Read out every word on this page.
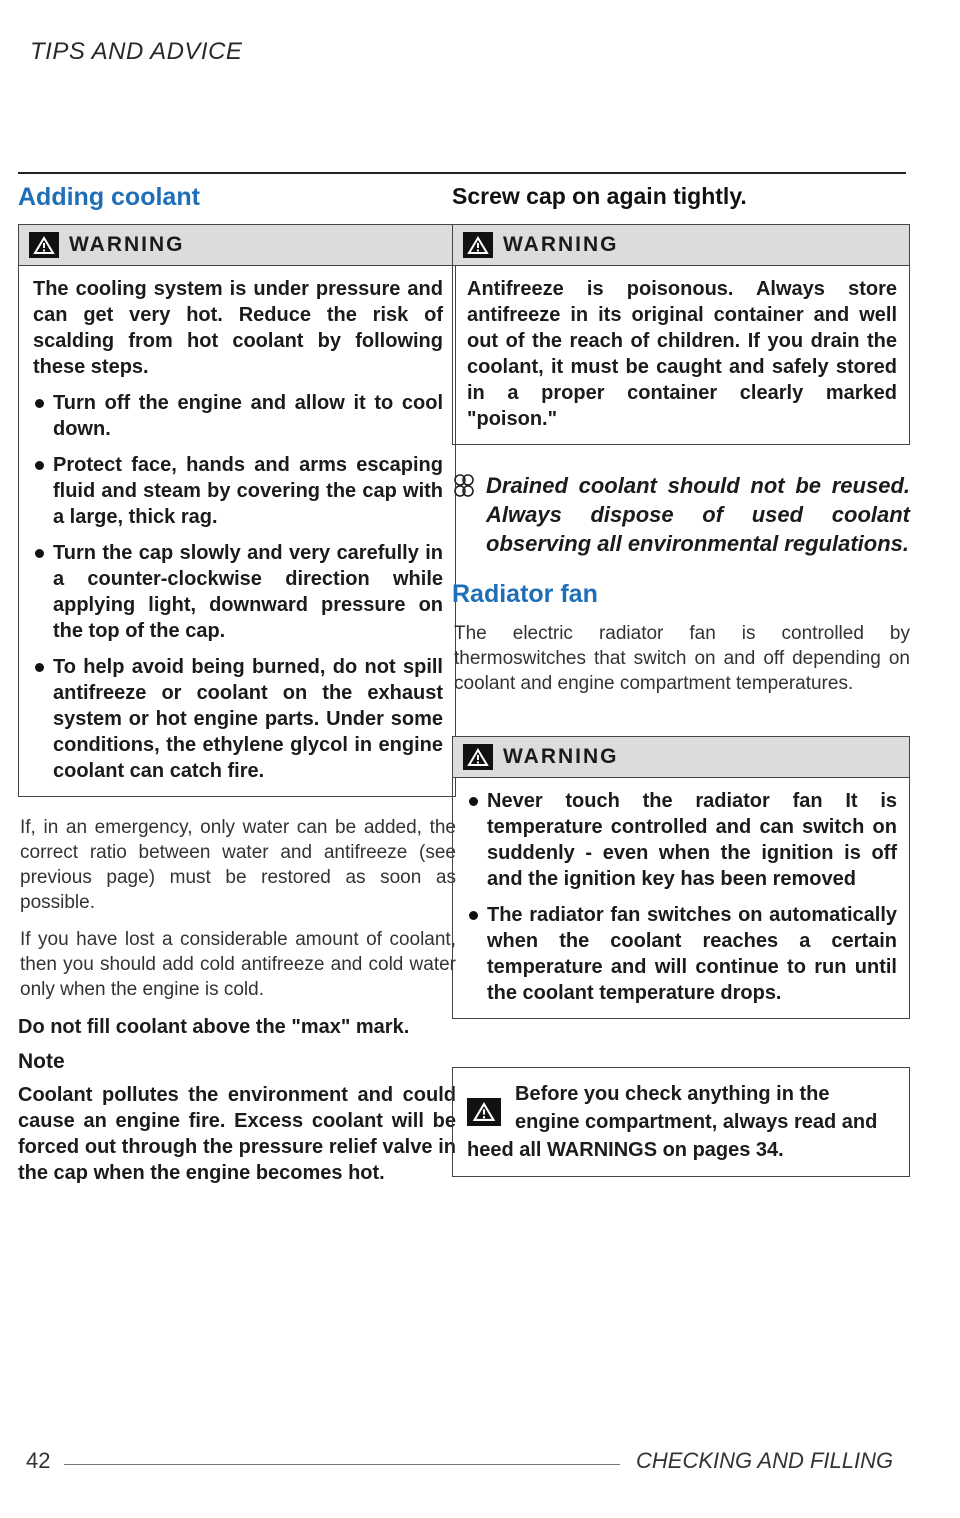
TIPS AND ADVICE
Adding coolant
WARNING

The cooling system is under pressure and can get very hot. Reduce the risk of scalding from hot coolant by following these steps.

Turn off the engine and allow it to cool down.
Protect face, hands and arms escaping fluid and steam by covering the cap with a large, thick rag.
Turn the cap slowly and very carefully in a counter-clockwise direction while applying light, downward pressure on the top of the cap.
To help avoid being burned, do not spill antifreeze or coolant on the exhaust system or hot engine parts. Under some conditions, the ethylene glycol in engine coolant can catch fire.

If, in an emergency, only water can be added, the correct ratio between water and antifreeze (see previous page) must be restored as soon as possible.

If you have lost a considerable amount of coolant, then you should add cold antifreeze and cold water only when the engine is cold.

Do not fill coolant above the "max" mark.

Note

Coolant pollutes the environment and could cause an engine fire. Excess coolant will be forced out through the pressure relief valve in the cap when the engine becomes hot.

Screw cap on again tightly.
WARNING

Antifreeze is poisonous. Always store antifreeze in its original container and well out of the reach of children. If you drain the coolant, it must be caught and safely stored in a proper container clearly marked "poison."

Drained coolant should not be reused. Always dispose of used coolant observing all environmental regulations.
Radiator fan

The electric radiator fan is controlled by thermoswitches that switch on and off depending on coolant and engine compartment temperatures.

WARNING
Never touch the radiator fan It is temperature controlled and can switch on suddenly - even when the ignition is off and the ignition key has been removed
The radiator fan switches on automatically when the coolant reaches a certain temperature and will continue to run until the coolant temperature drops.
Before you check anything in the engine compartment, always read and heed all WARNINGS on pages 34.
42	CHECKING AND FILLING
